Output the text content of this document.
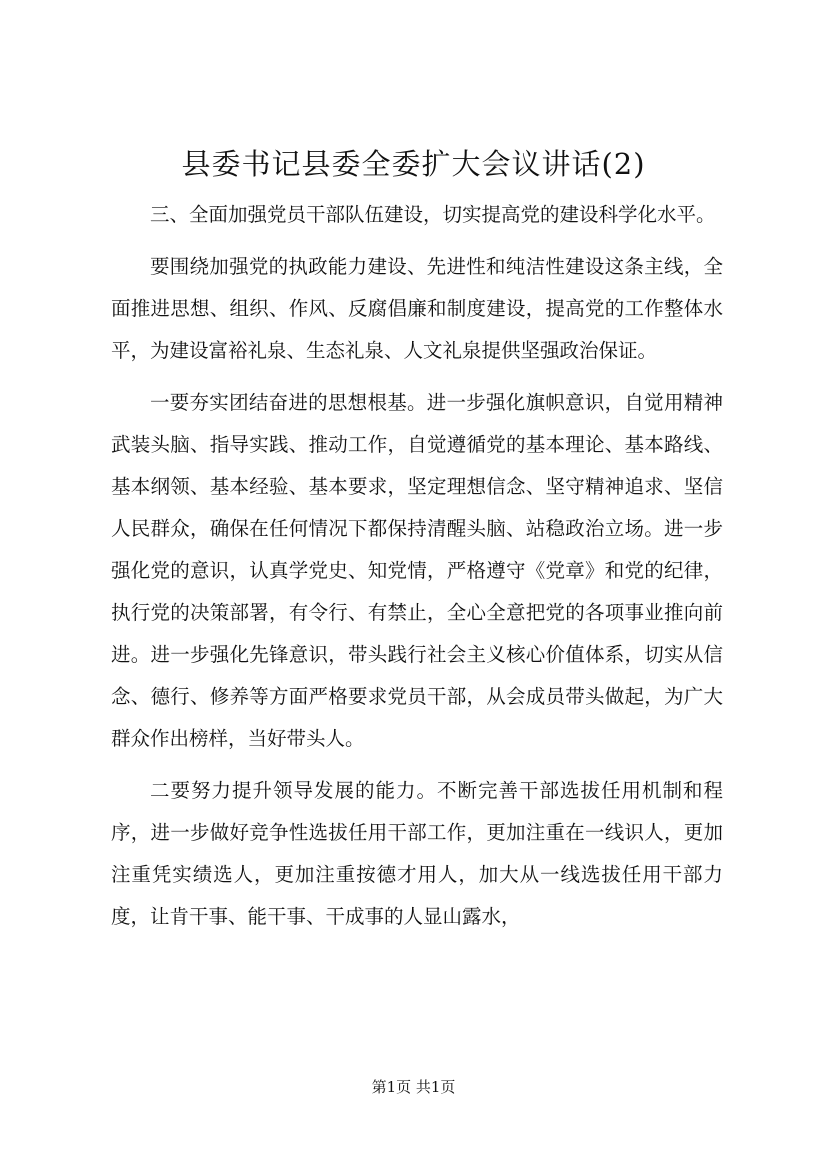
县委书记县委全委扩大会议讲话(2)

三、全面加强党员干部队伍建设，切实提高党的建设科学化水平。

要围绕加强党的执政能力建设、先进性和纯洁性建设这条主线，全面推进思想、组织、作风、反腐倡廉和制度建设，提高党的工作整体水平，为建设富裕礼泉、生态礼泉、人文礼泉提供坚强政治保证。

一要夯实团结奋进的思想根基。进一步强化旗帜意识，自觉用精神武装头脑、指导实践、推动工作，自觉遵循党的基本理论、基本路线、基本纲领、基本经验、基本要求，坚定理想信念、坚守精神追求、坚信人民群众，确保在任何情况下都保持清醒头脑、站稳政治立场。进一步强化党的意识，认真学党史、知党情，严格遵守《党章》和党的纪律，执行党的决策部署，有令行、有禁止，全心全意把党的各项事业推向前进。进一步强化先锋意识，带头践行社会主义核心价值体系，切实从信念、德行、修养等方面严格要求党员干部，从会成员带头做起，为广大群众作出榜样，当好带头人。

二要努力提升领导发展的能力。不断完善干部选拔任用机制和程序，进一步做好竞争性选拔任用干部工作，更加注重在一线识人，更加注重凭实绩选人，更加注重按德才用人，加大从一线选拔任用干部力度，让肯干事、能干事、干成事的人显山露水，

第1页 共1页
